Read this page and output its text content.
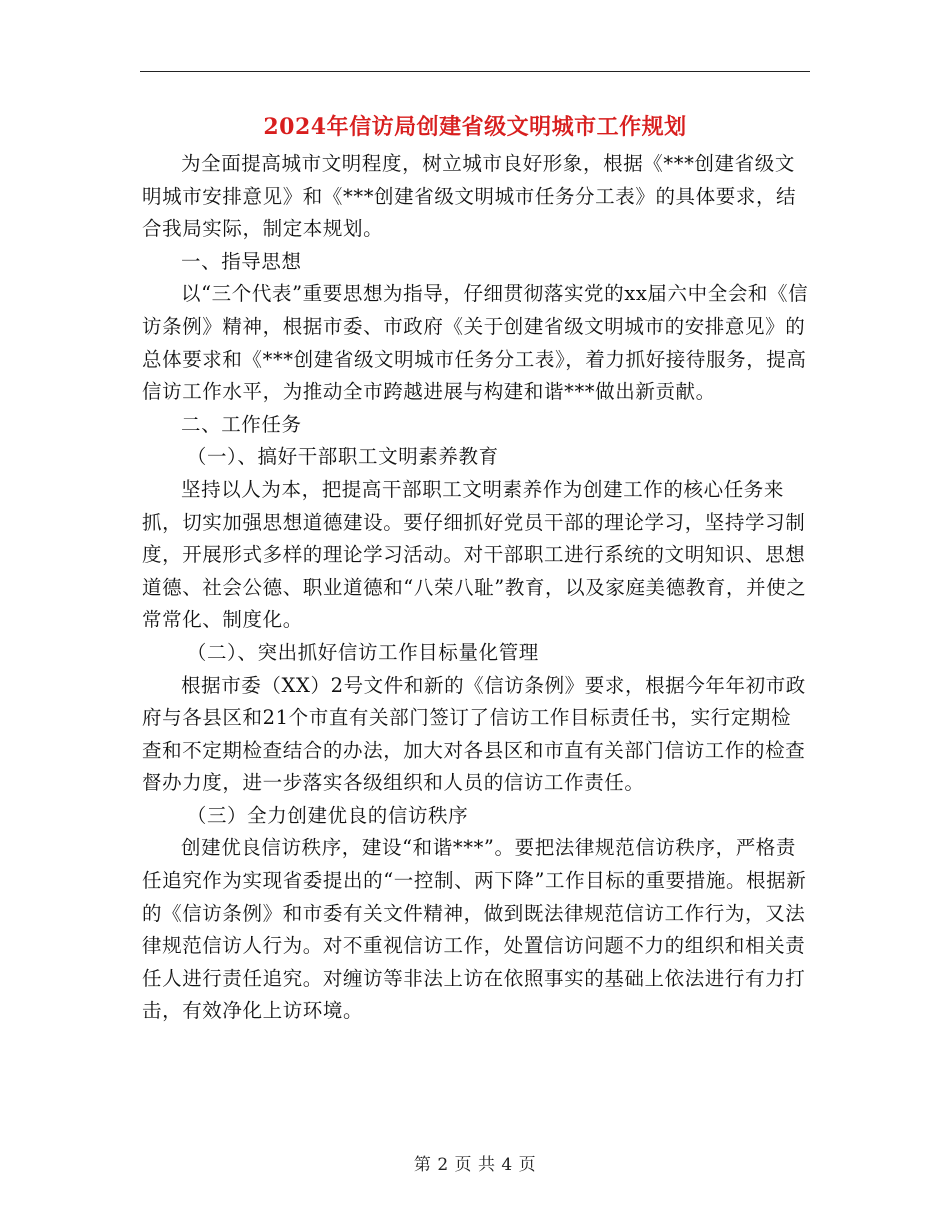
2024年信访局创建省级文明城市工作规划

为全面提高城市文明程度，树立城市良好形象，根据《***创建省级文明城市安排意见》和《***创建省级文明城市任务分工表》的具体要求，结合我局实际，制定本规划。

一、指导思想

以“三个代表”重要思想为指导，仔细贯彻落实党的xx届六中全会和《信访条例》精神，根据市委、市政府《关于创建省级文明城市的安排意见》的总体要求和《***创建省级文明城市任务分工表》，着力抓好接待服务，提高信访工作水平，为推动全市跨越进展与构建和谐***做出新贡献。

二、工作任务

（一）、搞好干部职工文明素养教育

坚持以人为本，把提高干部职工文明素养作为创建工作的核心任务来抓，切实加强思想道德建设。要仔细抓好党员干部的理论学习，坚持学习制度，开展形式多样的理论学习活动。对干部职工进行系统的文明知识、思想道德、社会公德、职业道德和“八荣八耻”教育，以及家庭美德教育，并使之常常化、制度化。

（二）、突出抓好信访工作目标量化管理

根据市委（XX）2号文件和新的《信访条例》要求，根据今年年初市政府与各县区和21个市直有关部门签订了信访工作目标责任书，实行定期检查和不定期检查结合的办法，加大对各县区和市直有关部门信访工作的检查督办力度，进一步落实各级组织和人员的信访工作责任。

（三）全力创建优良的信访秩序

创建优良信访秩序，建设“和谐***”。要把法律规范信访秩序，严格责任追究作为实现省委提出的“一控制、两下降”工作目标的重要措施。根据新的《信访条例》和市委有关文件精神，做到既法律规范信访工作行为，又法律规范信访人行为。对不重视信访工作，处置信访问题不力的组织和相关责任人进行责任追究。对缠访等非法上访在依照事实的基础上依法进行有力打击，有效净化上访环境。

第 2 页 共 4 页
